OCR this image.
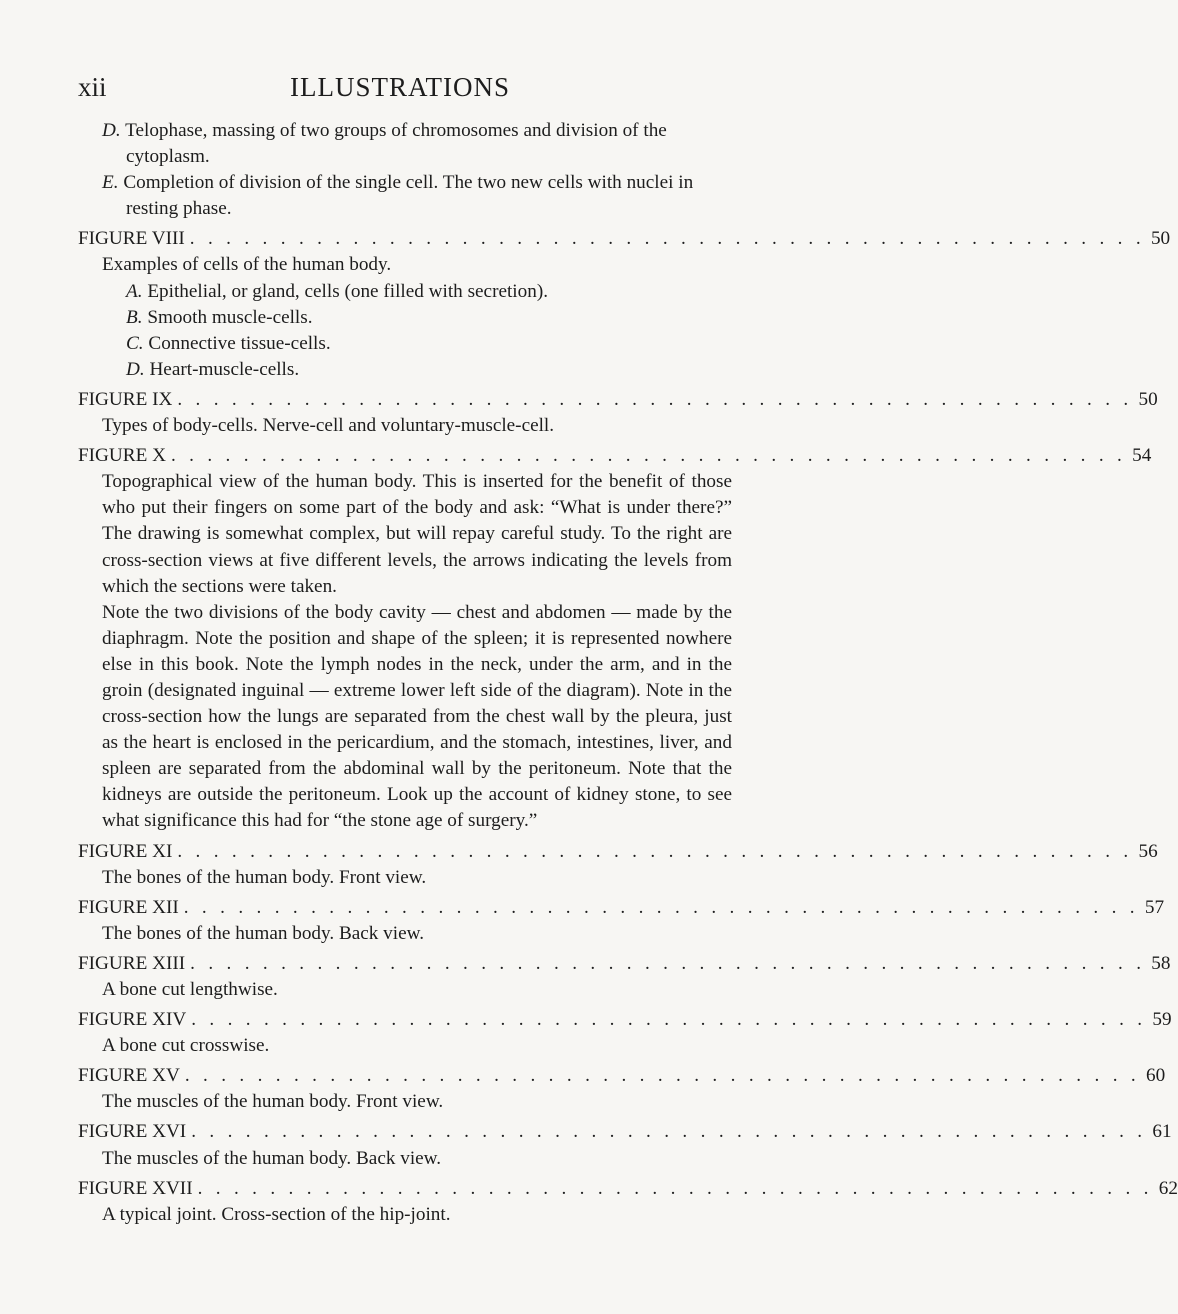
xii	ILLUSTRATIONS
D. Telophase, massing of two groups of chromosomes and division of the cytoplasm.
E. Completion of division of the single cell. The two new cells with nuclei in resting phase.
FIGURE VIII . . . . . . . . . . . . . . . . . . . . . . . . . . . . . . . . . . . . . . . . . . . . . . . . . . . . . 50
Examples of cells of the human body.
A. Epithelial, or gland, cells (one filled with secretion).
B. Smooth muscle-cells.
C. Connective tissue-cells.
D. Heart-muscle-cells.
FIGURE IX . . . . . . . . . . . . . . . . . . . . . . . . . . . . . . . . . . . . . . . . . . . . . . . . . . . . . 50
Types of body-cells. Nerve-cell and voluntary-muscle-cell.
FIGURE X . . . . . . . . . . . . . . . . . . . . . . . . . . . . . . . . . . . . . . . . . . . . . . . . . . . . . 54
Topographical view of the human body. This is inserted for the benefit of those who put their fingers on some part of the body and ask: “What is under there?” The drawing is somewhat complex, but will repay careful study. To the right are cross-section views at five different levels, the arrows indicating the levels from which the sections were taken.
Note the two divisions of the body cavity — chest and abdomen — made by the diaphragm. Note the position and shape of the spleen; it is represented nowhere else in this book. Note the lymph nodes in the neck, under the arm, and in the groin (designated inguinal — extreme lower left side of the diagram). Note in the cross-section how the lungs are separated from the chest wall by the pleura, just as the heart is enclosed in the pericardium, and the stomach, intestines, liver, and spleen are separated from the abdominal wall by the peritoneum. Note that the kidneys are outside the peritoneum. Look up the account of kidney stone, to see what significance this had for “the stone age of surgery.”
FIGURE XI . . . . . . . . . . . . . . . . . . . . . . . . . . . . . . . . . . . . . . . . . . . . . . . . . . . . . 56
The bones of the human body. Front view.
FIGURE XII . . . . . . . . . . . . . . . . . . . . . . . . . . . . . . . . . . . . . . . . . . . . . . . . . . . . . 57
The bones of the human body. Back view.
FIGURE XIII . . . . . . . . . . . . . . . . . . . . . . . . . . . . . . . . . . . . . . . . . . . . . . . . . . . . . 58
A bone cut lengthwise.
FIGURE XIV . . . . . . . . . . . . . . . . . . . . . . . . . . . . . . . . . . . . . . . . . . . . . . . . . . . . . 59
A bone cut crosswise.
FIGURE XV . . . . . . . . . . . . . . . . . . . . . . . . . . . . . . . . . . . . . . . . . . . . . . . . . . . . . 60
The muscles of the human body. Front view.
FIGURE XVI . . . . . . . . . . . . . . . . . . . . . . . . . . . . . . . . . . . . . . . . . . . . . . . . . . . . . 61
The muscles of the human body. Back view.
FIGURE XVII . . . . . . . . . . . . . . . . . . . . . . . . . . . . . . . . . . . . . . . . . . . . . . . . . . . . . 62
A typical joint. Cross-section of the hip-joint.
